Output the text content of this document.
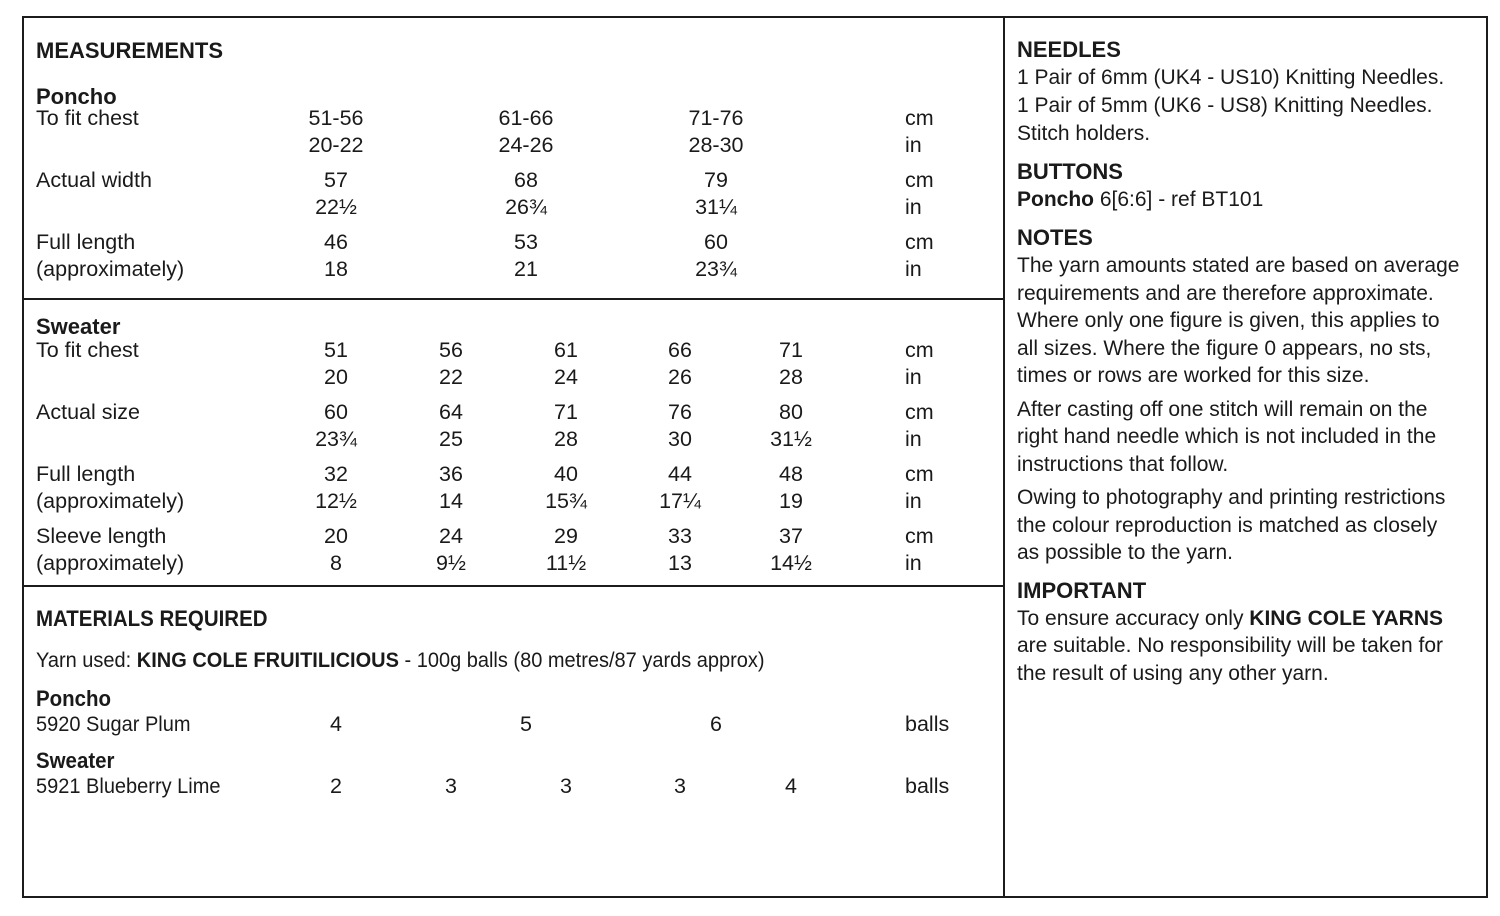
MEASUREMENTS
Poncho
To fit chest	51-56	61-66	71-76	cm
20-22	24-26	28-30	in
Actual width	57	68	79	cm
22½	26¾	31¼	in
Full length	46	53	60	cm
(approximately)	18	21	23¾	in
Sweater
To fit chest	51	56	61	66	71	cm
20	22	24	26	28	in
Actual size	60	64	71	76	80	cm
23¾	25	28	30	31½	in
Full length	32	36	40	44	48	cm
(approximately)	12½	14	15¾	17¼	19	in
Sleeve length	20	24	29	33	37	cm
(approximately)	8	9½	11½	13	14½	in
MATERIALS REQUIRED
Yarn used: KING COLE FRUITILICIOUS - 100g balls (80 metres/87 yards approx)
Poncho
5920 Sugar Plum	4	5	6	balls
Sweater
5921 Blueberry Lime	2	3	3	3	4	balls
NEEDLES
1 Pair of 6mm (UK4 - US10) Knitting Needles.
1 Pair of 5mm (UK6 - US8) Knitting Needles.
Stitch holders.
BUTTONS
Poncho 6[6:6] - ref BT101
NOTES

The yarn amounts stated are based on average requirements and are therefore approximate. Where only one figure is given, this applies to all sizes. Where the figure 0 appears, no sts, times or rows are worked for this size.

After casting off one stitch will remain on the right hand needle which is not included in the instructions that follow.

Owing to photography and printing restrictions the colour reproduction is matched as closely as possible to the yarn.

IMPORTANT

To ensure accuracy only KING COLE YARNS are suitable. No responsibility will be taken for the result of using any other yarn.
